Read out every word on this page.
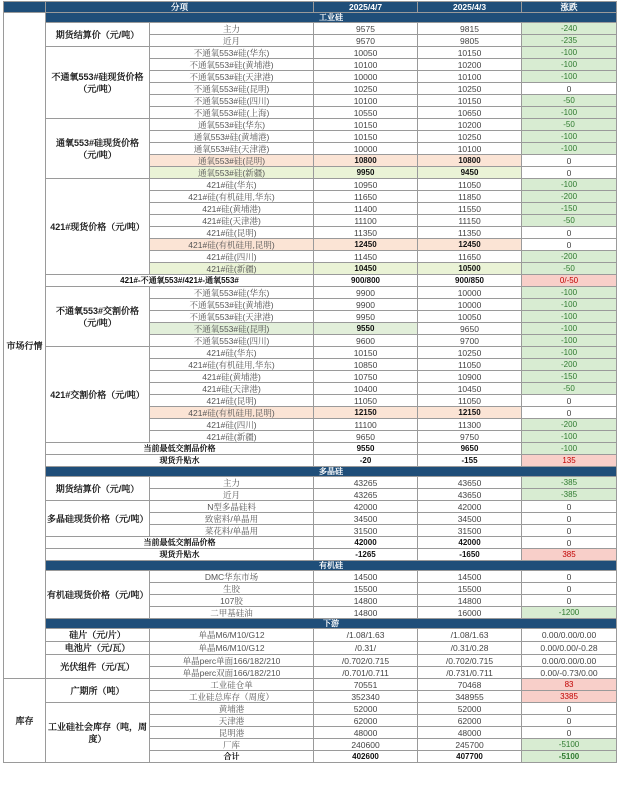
	分项		2025/4/7	2025/4/3	涨跌
市场行情	工业硅				
	期货结算价（元/吨）	主力	9575	9815	-240
		近月	9570	9805	-235
	不通氧553#硅现货价格（元/吨）	不通氧553#硅(华东)	10050	10150	-100
		不通氧553#硅(黄埔港)	10100	10200	-100
		不通氧553#硅(天津港)	10000	10100	-100
		不通氧553#硅(昆明)	10250	10250	0
		不通氧553#硅(四川)	10100	10150	-50
		不通氧553#硅(上海)	10550	10650	-100
	通氧553#硅现货价格（元/吨）	通氧553#硅(华东)	10150	10200	-50
		通氧553#硅(黄埔港)	10150	10250	-100
		通氧553#硅(天津港)	10000	10100	-100
		通氧553#硅(昆明)	10800	10800	0
		通氧553#硅(新疆)	9950	9450	0
	421#现货价格（元/吨）	421#硅(华东)	10950	11050	-100
		421#硅(有机硅用,华东)	11650	11850	-200
		421#硅(黄埔港)	11400	11550	-150
		421#硅(天津港)	11100	11150	-50
		421#硅(昆明)	11350	11350	0
		421#硅(有机硅用,昆明)	12450	12450	0
		421#硅(四川)	11450	11650	-200
		421#硅(新疆)	10450	10500	-50
	421#-不通氧553#/421#-通氧553#		900/800	900/850	0/-50
	不通氧553#交割价格（元/吨）	不通氧553#硅(华东)	9900	10000	-100
		不通氧553#硅(黄埔港)	9900	10000	-100
		不通氧553#硅(天津港)	9950	10050	-100
		不通氧553#硅(昆明)	9550	9650	-100
		不通氧553#硅(四川)	9600	9700	-100
	421#交割价格（元/吨）	421#硅(华东)	10150	10250	-100
		421#硅(有机硅用,华东)	10850	11050	-200
		421#硅(黄埔港)	10750	10900	-150
		421#硅(天津港)	10400	10450	-50
		421#硅(昆明)	11050	11050	0
		421#硅(有机硅用,昆明)	12150	12150	0
		421#硅(四川)	11100	11300	-200
		421#硅(新疆)	9650	9750	-100
	当前最低交割品价格		9550	9650	-100
	现货升贴水		-20	-155	135
	多晶硅				
	期货结算价（元/吨）	主力	43265	43650	-385
		近月	43265	43650	-385
	多晶硅现货价格（元/吨）	N型多晶硅料	42000	42000	0
		致密料/单晶用	34500	34500	0
		菜花料/单晶用	31500	31500	0
	当前最低交割品价格		42000	42000	0
	现货升贴水		-1265	-1650	385
	有机硅				
	有机硅现货价格（元/吨）	DMC华东市场	14500	14500	0
		生胶	15500	15500	0
		107胶	14800	14800	0
		二甲基硅油	14800	16000	-1200
	下游				
	硅片（元/片）	单晶M6/M10/G12	/1.08/1.63	/1.08/1.63	0.00/0.00/0.00
	电池片（元/瓦）	单晶M6/M10/G12	/0.31/	/0.31/0.28	0.00/0.00/-0.28
	光伏组件（元/瓦）	单晶perc单面166/182/210	/0.702/0.715	/0.702/0.715	0.00/0.00/0.00
		单晶perc双面166/182/210	/0.701/0.711	/0.731/0.711	0.00/-0.73/0.00
库存	广期所（吨）	工业硅仓单	70551	70468	83
		工业硅总库存（周度）	352340	348955	3385
	工业硅社会库存（吨，周度）	黄埔港	52000	52000	0
		天津港	62000	62000	0
		昆明港	48000	48000	0
		厂库	240600	245700	-5100
		合计	402600	407700	-5100
